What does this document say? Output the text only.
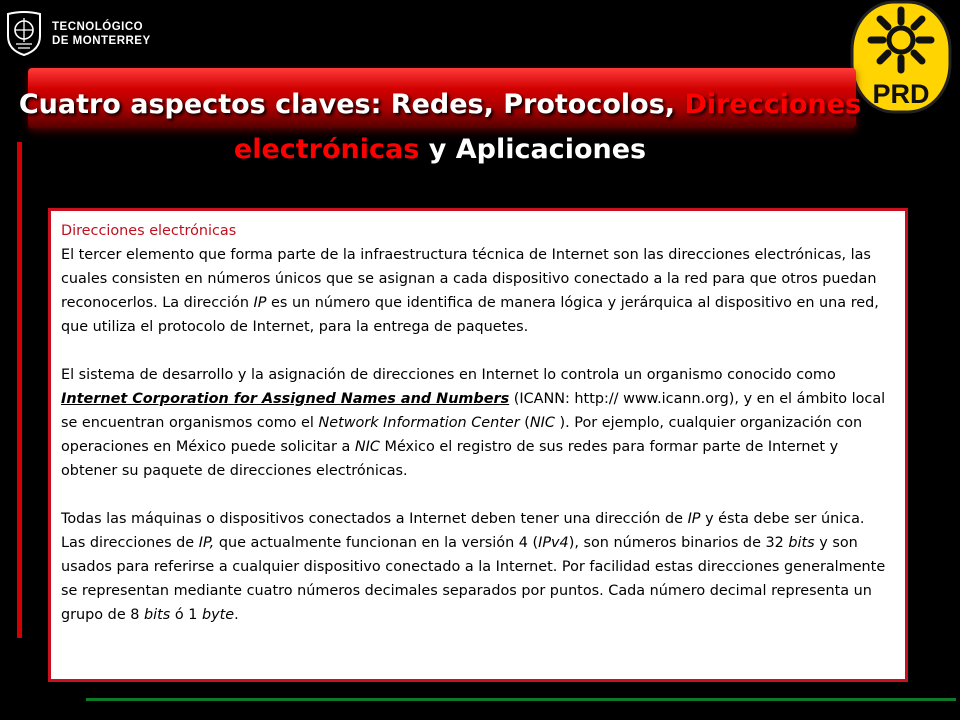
TECNOLÓGICO
DE MONTERREY
PRD
Cuatro aspectos claves: Redes, Protocolos, Direcciones electrónicas y Aplicaciones

Direcciones electrónicas

El tercer elemento que forma parte de la infraestructura técnica de Internet son las direcciones electrónicas, las cuales consisten en números únicos que se asignan a cada dispositivo conectado a la red para que otros puedan reconocerlos. La dirección IP es un número que identifica de manera lógica y jerárquica al dispositivo en una red, que utiliza el protocolo de Internet, para la entrega de paquetes.

El sistema de desarrollo y la asignación de direcciones en Internet lo controla un organismo conocido como Internet Corporation for Assigned Names and Numbers (ICANN: http:// www.icann.org), y en el ámbito local se encuentran organismos como el Network Information Center (NIC ). Por ejemplo, cualquier organización con operaciones en México puede solicitar a NIC México el registro de sus redes para formar parte de Internet y obtener su paquete de direcciones electrónicas.

Todas las máquinas o dispositivos conectados a Internet deben tener una dirección de IP y ésta debe ser única. Las direcciones de IP, que actualmente funcionan en la versión 4 (IPv4), son números binarios de 32 bits y son usados para referirse a cualquier dispositivo conectado a la Internet. Por facilidad estas direcciones generalmente se representan mediante cuatro números decimales separados por puntos. Cada número decimal representa un grupo de 8 bits ó 1 byte.
